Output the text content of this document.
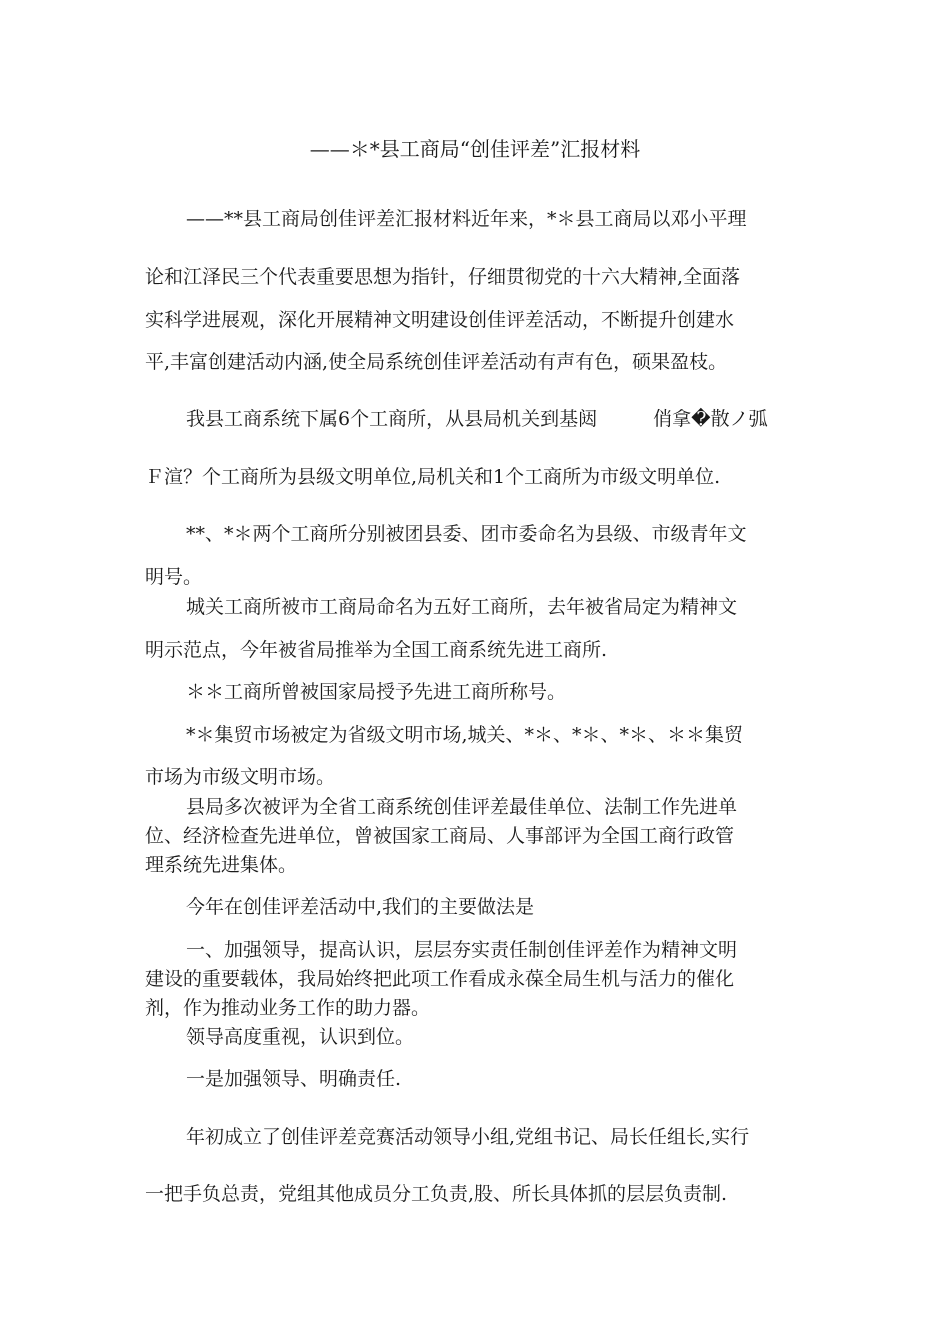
——＊*县工商局“创佳评差”汇报材料
——**县工商局创佳评差汇报材料近年来，*＊县工商局以邓小平理
论和江泽民三个代表重要思想为指针，仔细贯彻党的十六大精神,全面落
实科学进展观，深化开展精神文明建设创佳评差活动，不断提升创建水
平,丰富创建活动内涵,使全局系统创佳评差活动有声有色，硕果盈枝。
我县工商系统下属6个工商所，从县局机关到基闼	俏拿�散ノ弧
Ｆ渲？个工商所为县级文明单位,局机关和1个工商所为市级文明单位.
**、*＊两个工商所分别被团县委、团市委命名为县级、市级青年文
明号。
城关工商所被市工商局命名为五好工商所，去年被省局定为精神文
明示范点，今年被省局推举为全国工商系统先进工商所.
＊＊工商所曾被国家局授予先进工商所称号。
*＊集贸市场被定为省级文明市场,城关、*＊、*＊、*＊、＊＊集贸
市场为市级文明市场。
县局多次被评为全省工商系统创佳评差最佳单位、法制工作先进单
位、经济检查先进单位，曾被国家工商局、人事部评为全国工商行政管
理系统先进集体。
今年在创佳评差活动中,我们的主要做法是
一、加强领导，提高认识，层层夯实责任制创佳评差作为精神文明
建设的重要载体，我局始终把此项工作看成永葆全局生机与活力的催化
剂，作为推动业务工作的助力器。
领导高度重视，认识到位。
一是加强领导、明确责任.
年初成立了创佳评差竞赛活动领导小组,党组书记、局长任组长,实行
一把手负总责，党组其他成员分工负责,股、所长具体抓的层层负责制.
